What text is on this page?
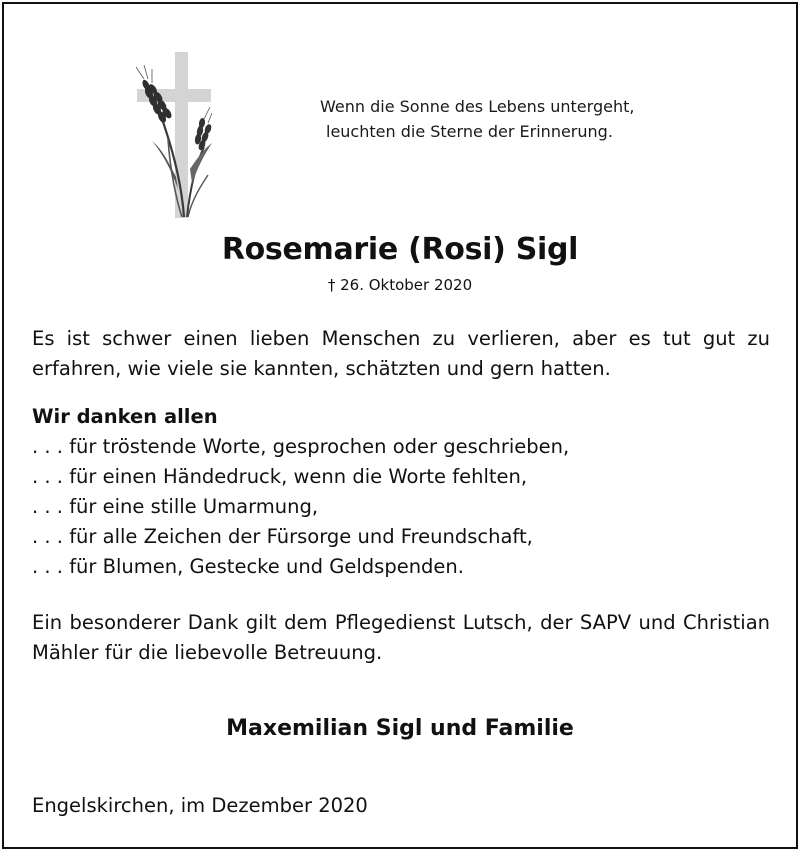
Wenn die Sonne des Lebens untergeht,
leuchten die Sterne der Erinnerung.
Rosemarie (Rosi) Sigl
† 26. Oktober 2020
Es ist schwer einen lieben Menschen zu verlieren, aber es tut gut zu erfahren, wie viele sie kannten, schätzten und gern hatten.
Wir danken allen
. . . für tröstende Worte, gesprochen oder geschrieben,
. . . für einen Händedruck, wenn die Worte fehlten,
. . . für eine stille Umarmung,
. . . für alle Zeichen der Fürsorge und Freundschaft,
. . . für Blumen, Gestecke und Geldspenden.
Ein besonderer Dank gilt dem Pflegedienst Lutsch, der SAPV und Christian Mähler für die liebevolle Betreuung.
Maxemilian Sigl und Familie
Engelskirchen, im Dezember 2020
